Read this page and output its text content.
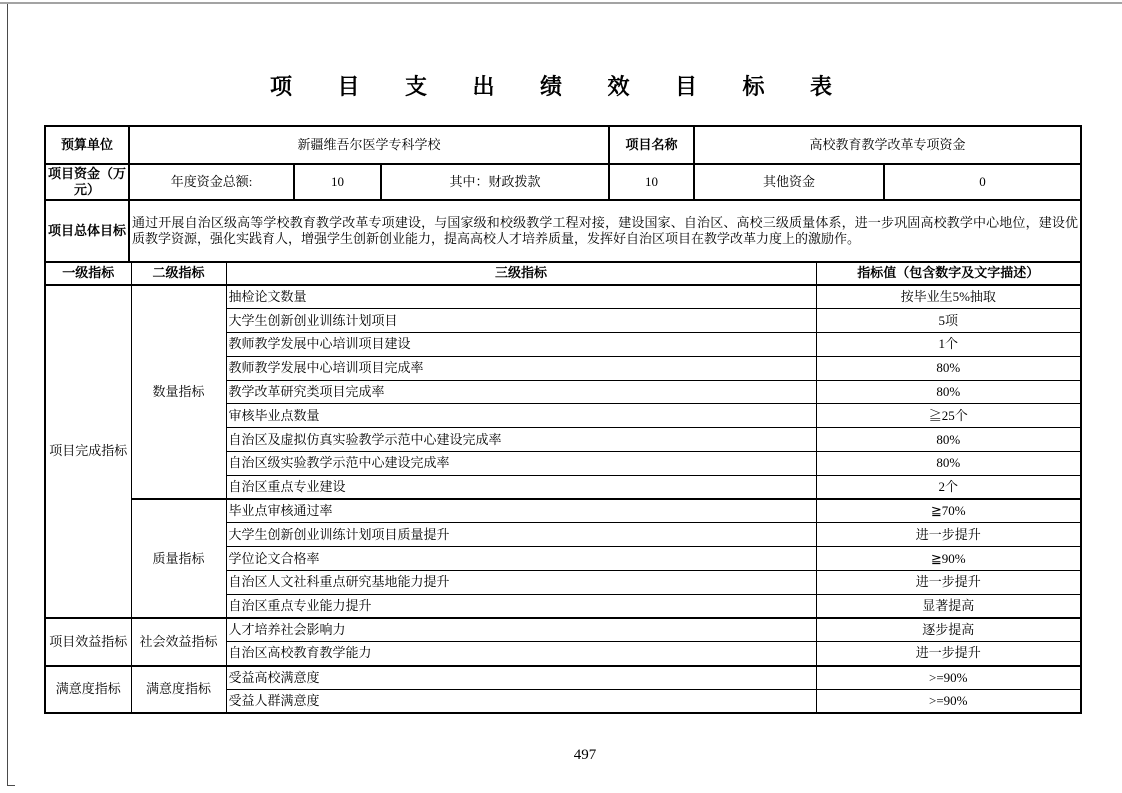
项 目 支 出 绩 效 目 标 表
预算单位	新疆维吾尔医学专科学校			项目名称	高校教育教学改革专项资金	
项目资金（万元）	年度资金总额:	10	其中：财政拨款	10	其他资金	0
项目总体目标	通过开展自治区级高等学校教育教学改革专项建设，与国家级和校级教学工程对接，建设国家、自治区、高校三级质量体系，进一步巩固高校教学中心地位，建设优质教学资源，强化实践育人，增强学生创新创业能力，提高高校人才培养质量，发挥好自治区项目在教学改革力度上的激励作。					
一级指标	二级指标	三级指标	指标值（包含数字及文字描述）
项目完成指标	数量指标	抽检论文数量	按毕业生5%抽取
		大学生创新创业训练计划项目	5项
		教师教学发展中心培训项目建设	1个
		教师教学发展中心培训项目完成率	80%
		教学改革研究类项目完成率	80%
		审核毕业点数量	≧25个
		自治区及虚拟仿真实验教学示范中心建设完成率	80%
		自治区级实验教学示范中心建设完成率	80%
		自治区重点专业建设	2个
	质量指标	毕业点审核通过率	≧70%
		大学生创新创业训练计划项目质量提升	进一步提升
		学位论文合格率	≧90%
		自治区人文社科重点研究基地能力提升	进一步提升
		自治区重点专业能力提升	显著提高
项目效益指标	社会效益指标	人才培养社会影响力	逐步提高
		自治区高校教育教学能力	进一步提升
满意度指标	满意度指标	受益高校满意度	>=90%
		受益人群满意度	>=90%
497
